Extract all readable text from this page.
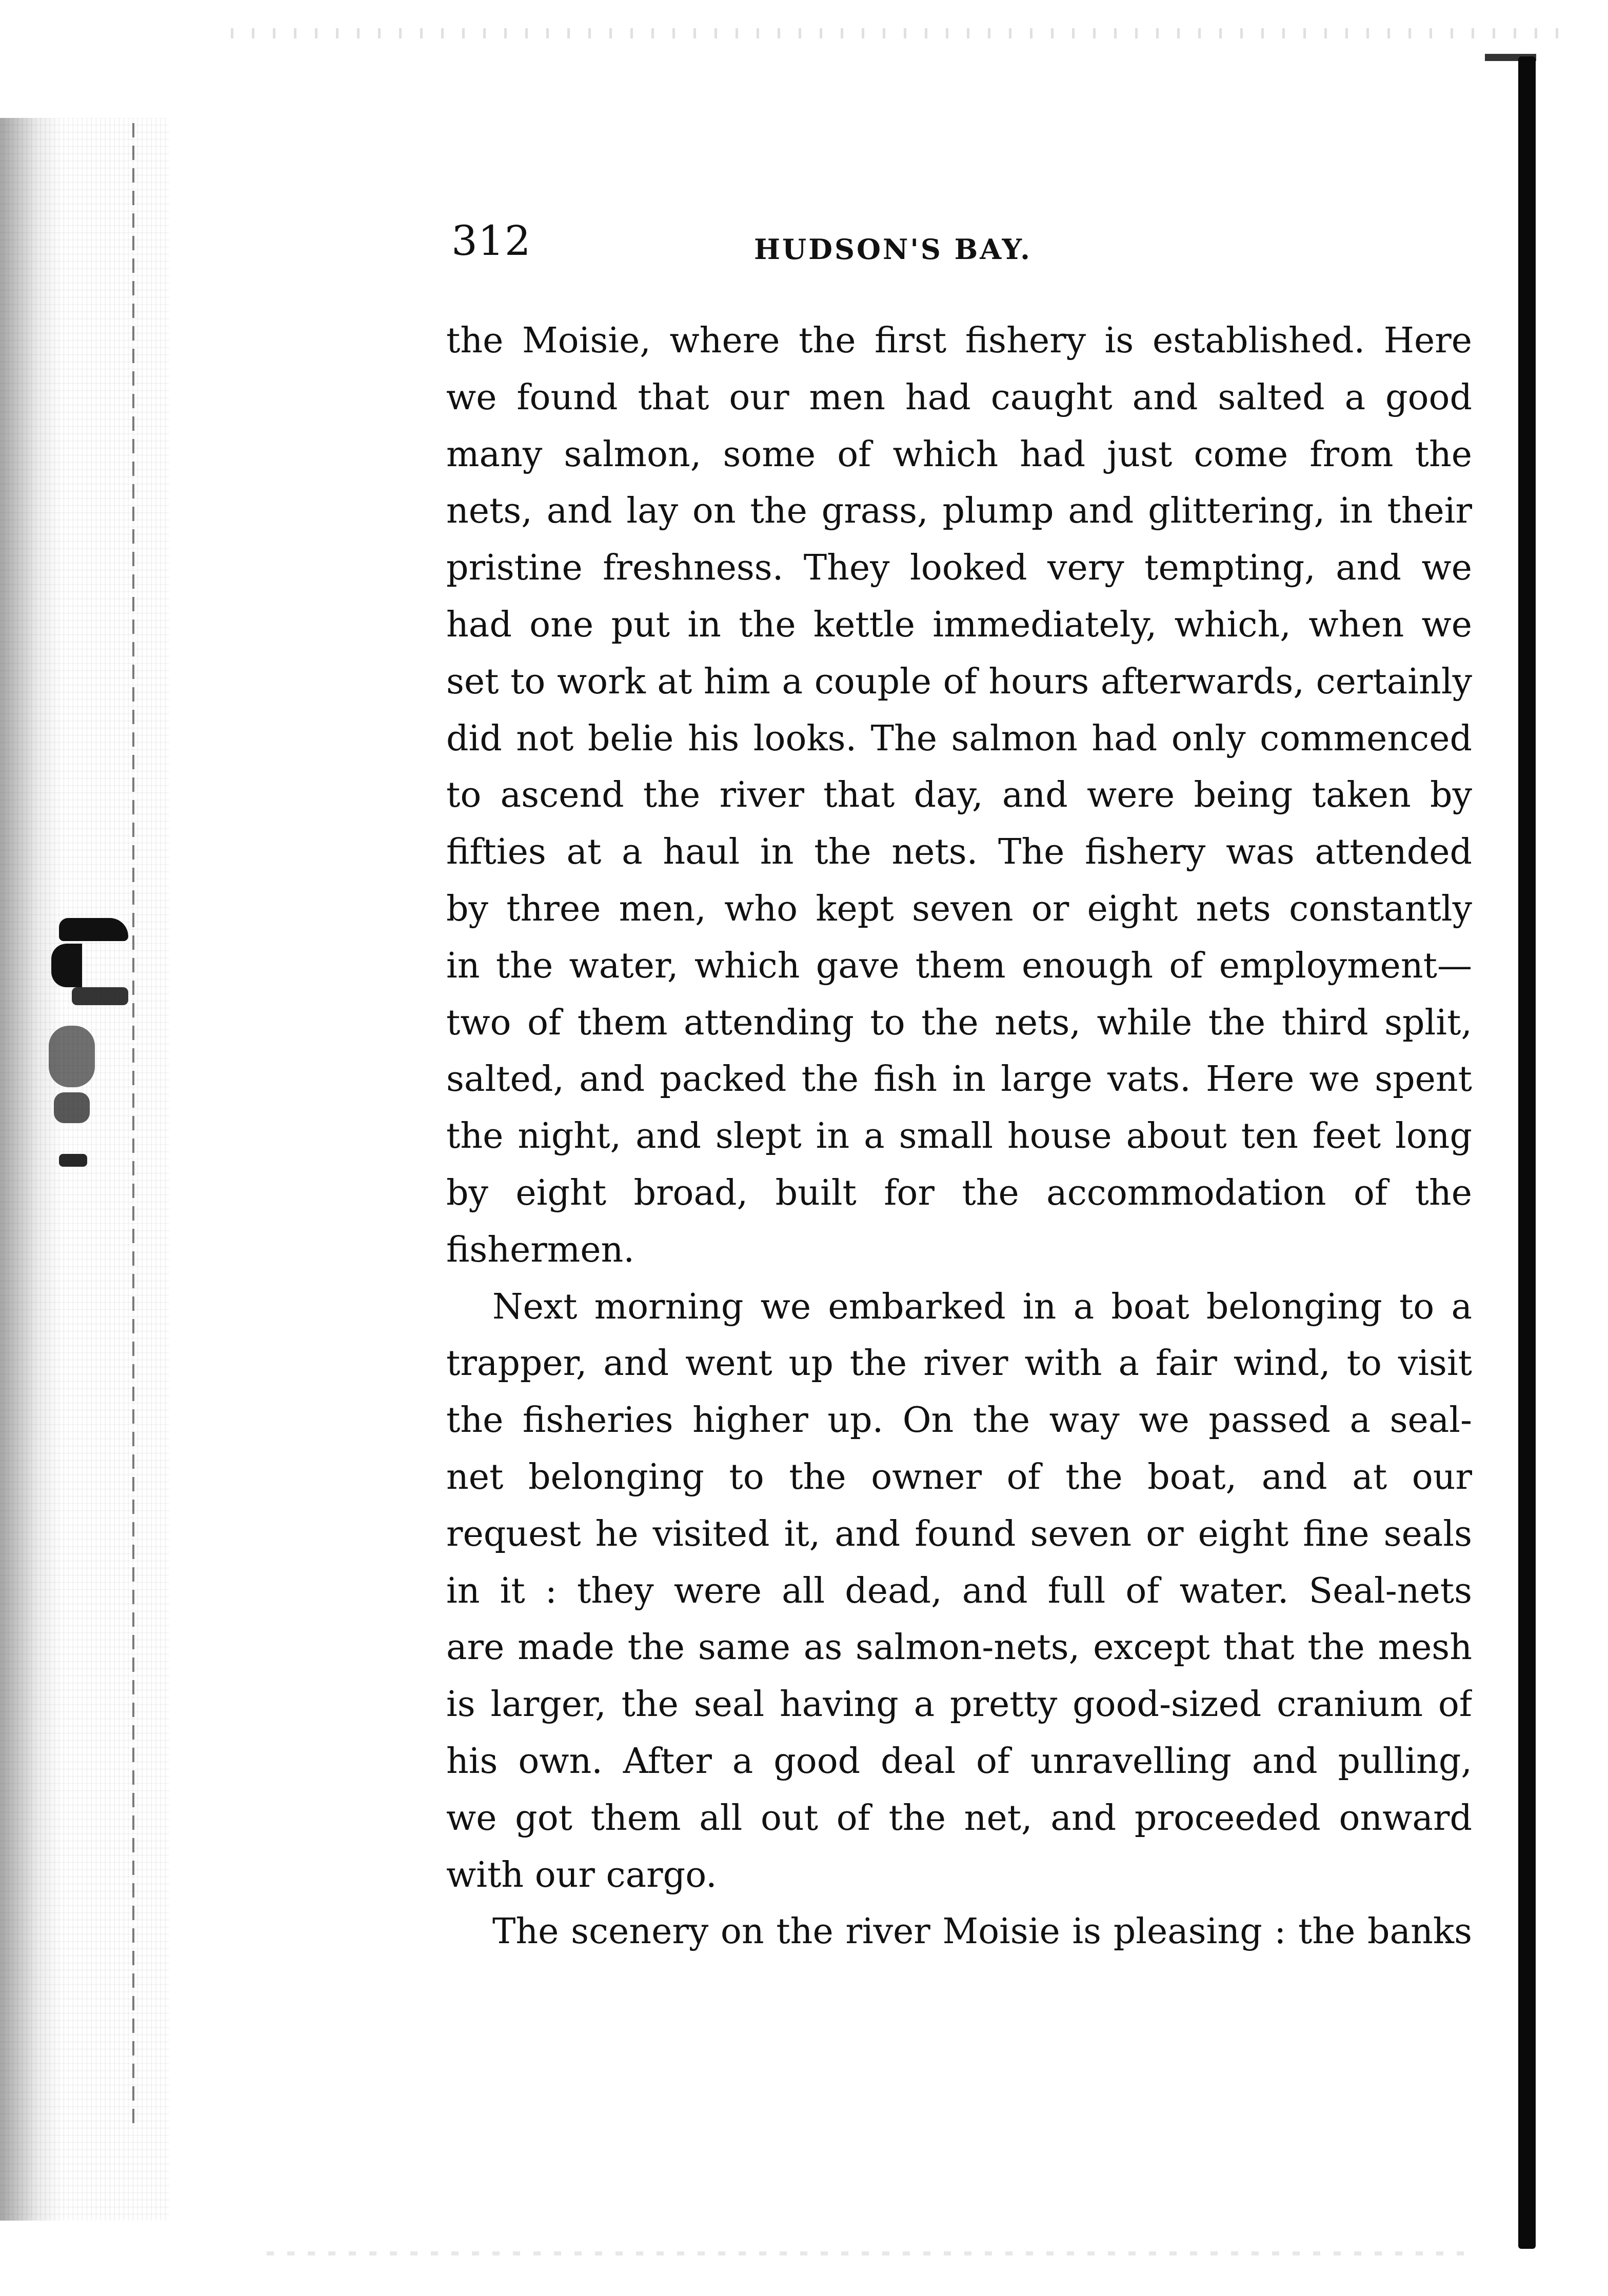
312	HUDSON'S BAY.
the Moisie, where the first fishery is established. Here
we found that our men had caught and salted a good
many salmon, some of which had just come from the
nets, and lay on the grass, plump and glittering, in their
pristine freshness. They looked very tempting, and we
had one put in the kettle immediately, which, when we
set to work at him a couple of hours afterwards, certainly
did not belie his looks. The salmon had only commenced
to ascend the river that day, and were being taken by
fifties at a haul in the nets. The fishery was attended
by three men, who kept seven or eight nets constantly
in the water, which gave them enough of employment—
two of them attending to the nets, while the third split,
salted, and packed the fish in large vats. Here we spent
the night, and slept in a small house about ten feet long
by eight broad, built for the accommodation of the
fishermen.
Next morning we embarked in a boat belonging to a
trapper, and went up the river with a fair wind, to visit
the fisheries higher up. On the way we passed a seal-
net belonging to the owner of the boat, and at our
request he visited it, and found seven or eight fine seals
in it : they were all dead, and full of water. Seal-nets
are made the same as salmon-nets, except that the mesh
is larger, the seal having a pretty good-sized cranium of
his own. After a good deal of unravelling and pulling,
we got them all out of the net, and proceeded onward
with our cargo.
The scenery on the river Moisie is pleasing : the banks
